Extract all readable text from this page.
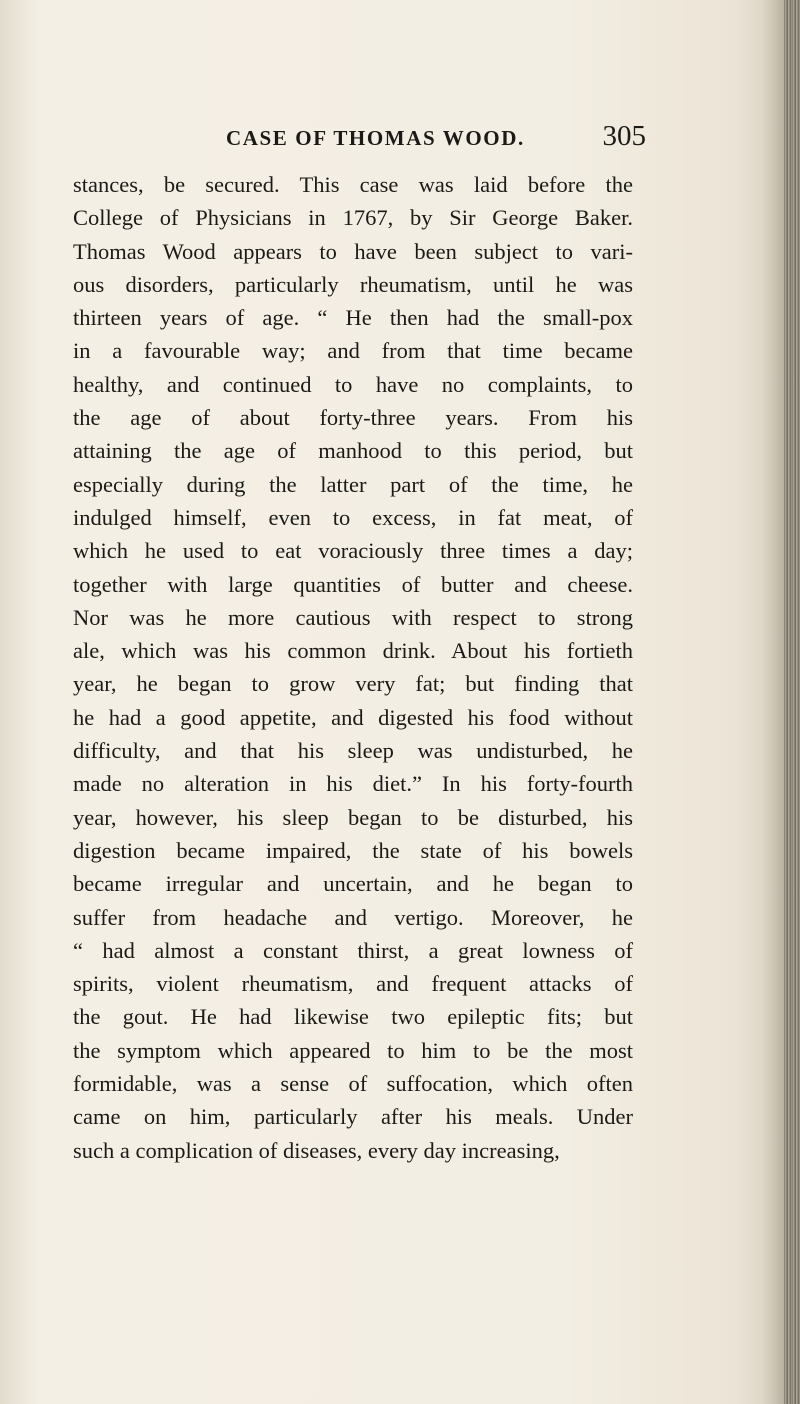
CASE OF THOMAS WOOD.	305
stances, be secured. This case was laid before the
College of Physicians in 1767, by Sir George Baker.
Thomas Wood appears to have been subject to vari-
ous disorders, particularly rheumatism, until he was
thirteen years of age. “ He then had the small-pox
in a favourable way; and from that time became
healthy, and continued to have no complaints, to
the age of about forty-three years. From his
attaining the age of manhood to this period, but
especially during the latter part of the time, he
indulged himself, even to excess, in fat meat, of
which he used to eat voraciously three times a day;
together with large quantities of butter and cheese.
Nor was he more cautious with respect to strong
ale, which was his common drink. About his fortieth
year, he began to grow very fat; but finding that
he had a good appetite, and digested his food without
difficulty, and that his sleep was undisturbed, he
made no alteration in his diet.” In his forty-fourth
year, however, his sleep began to be disturbed, his
digestion became impaired, the state of his bowels
became irregular and uncertain, and he began to
suffer from headache and vertigo. Moreover, he
“ had almost a constant thirst, a great lowness of
spirits, violent rheumatism, and frequent attacks of
the gout. He had likewise two epileptic fits; but
the symptom which appeared to him to be the most
formidable, was a sense of suffocation, which often
came on him, particularly after his meals. Under
such a complication of diseases, every day increasing,
